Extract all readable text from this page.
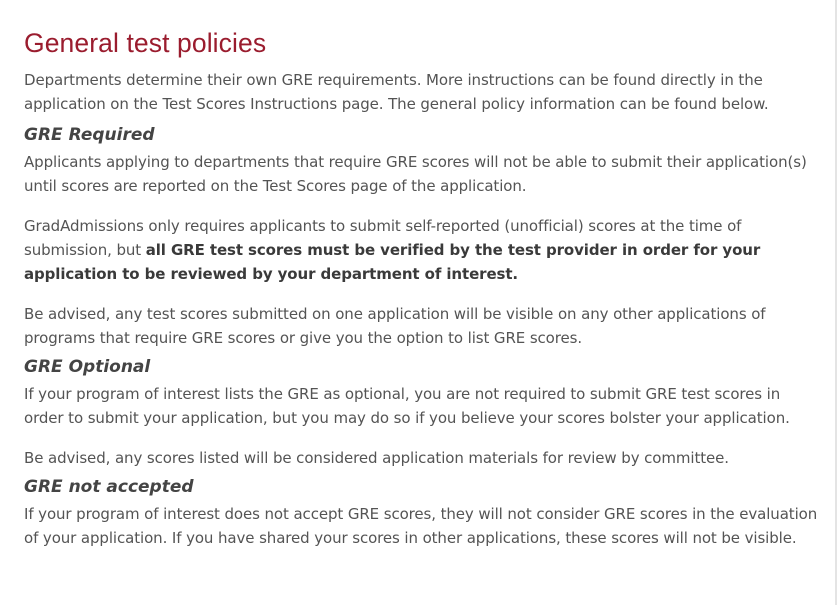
General test policies

Departments determine their own GRE requirements. More instructions can be found directly in the application on the Test Scores Instructions page. The general policy information can be found below.

GRE Required

Applicants applying to departments that require GRE scores will not be able to submit their application(s) until scores are reported on the Test Scores page of the application.

GradAdmissions only requires applicants to submit self-reported (unofficial) scores at the time of submission, but all GRE test scores must be verified by the test provider in order for your application to be reviewed by your department of interest.

Be advised, any test scores submitted on one application will be visible on any other applications of programs that require GRE scores or give you the option to list GRE scores.

GRE Optional

If your program of interest lists the GRE as optional, you are not required to submit GRE test scores in order to submit your application, but you may do so if you believe your scores bolster your application.

Be advised, any scores listed will be considered application materials for review by committee.

GRE not accepted

If your program of interest does not accept GRE scores, they will not consider GRE scores in the evaluation of your application. If you have shared your scores in other applications, these scores will not be visible.
